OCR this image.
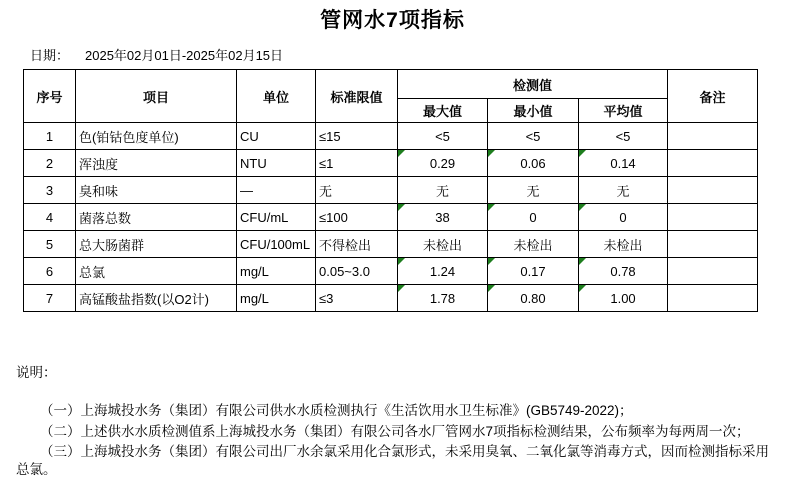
管网水7项指标
日期： 2025年02月01日-2025年02月15日
序号	项目	单位	标准限值	检测值			备注
				最大值	最小值	平均值	
1	色(铂钴色度单位)	CU	≤15	<5	<5	<5	
2	浑浊度	NTU	≤1	0.29	0.06	0.14	
3	臭和味	—	无	无	无	无	
4	菌落总数	CFU/mL	≤100	38	0	0	
5	总大肠菌群	CFU/100mL	不得检出	未检出	未检出	未检出	
6	总氯	mg/L	0.05~3.0	1.24	0.17	0.78	
7	高锰酸盐指数(以O2计)	mg/L	≤3	1.78	0.80	1.00	
说明：

（一）上海城投水务（集团）有限公司供水水质检测执行《生活饮用水卫生标准》(GB5749-2022)；

（二）上述供水水质检测值系上海城投水务（集团）有限公司各水厂管网水7项指标检测结果，公布频率为每两周一次；

（三）上海城投水务（集团）有限公司出厂水余氯采用化合氯形式，未采用臭氧、二氧化氯等消毒方式，因而检测指标采用总氯。
